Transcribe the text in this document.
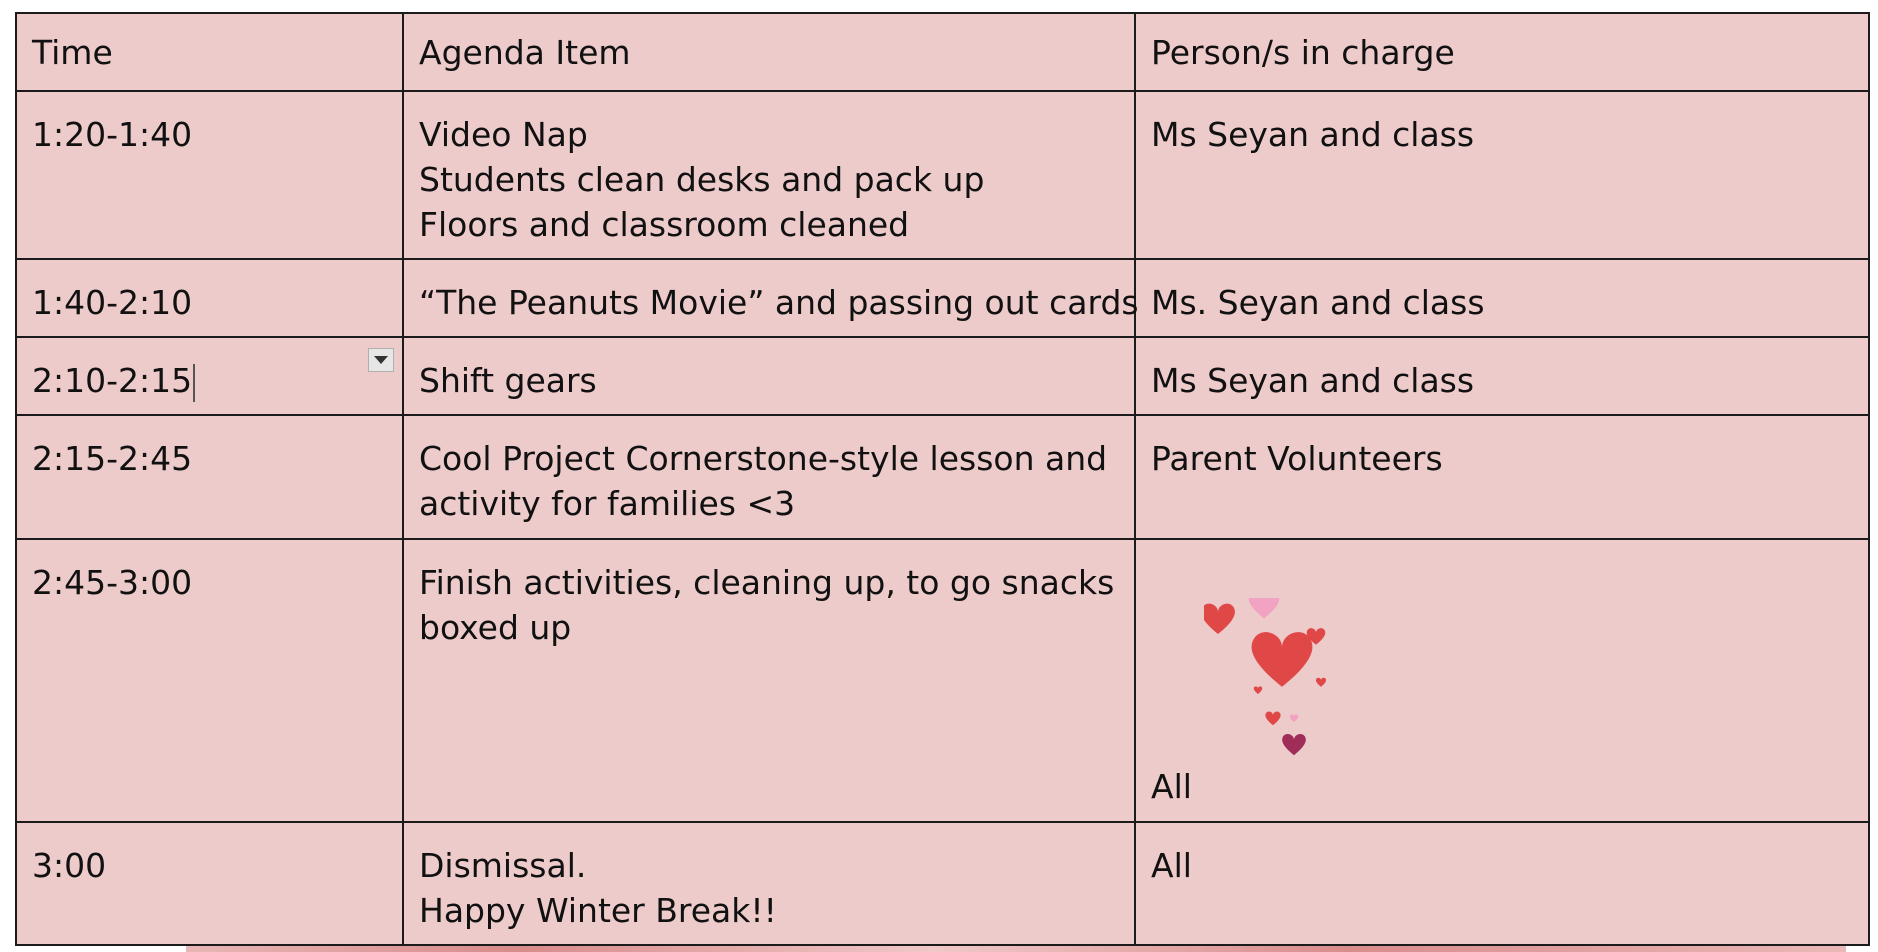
Time	Agenda Item	Person/s in charge

1:20-1:40	Video Nap
Students clean desks and pack up
Floors and classroom cleaned	Ms Seyan and class

1:40-2:10	“The Peanuts Movie” and passing out cards	Ms. Seyan and class

2:10-2:15	Shift gears	Ms Seyan and class

2:15-2:45	Cool Project Cornerstone-style lesson and
activity for families <3	Parent Volunteers

2:45-3:00	Finish activities, cleaning up, to go snacks
boxed up	All

3:00	Dismissal.
Happy Winter Break!!	All
